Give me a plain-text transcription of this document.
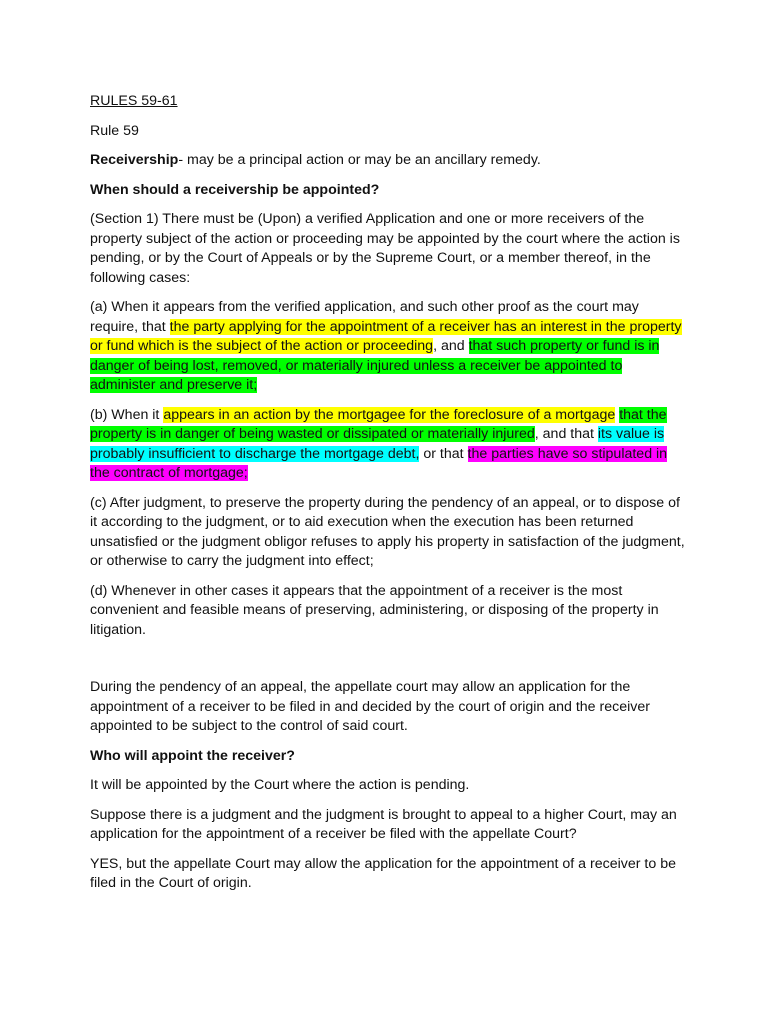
RULES 59-61

Rule 59

Receivership- may be a principal action or may be an ancillary remedy.

When should a receivership be appointed?

(Section 1) There must be (Upon) a verified Application and one or more receivers of the property subject of the action or proceeding may be appointed by the court where the action is pending, or by the Court of Appeals or by the Supreme Court, or a member thereof, in the following cases:

(a) When it appears from the verified application, and such other proof as the court may require, that the party applying for the appointment of a receiver has an interest in the property or fund which is the subject of the action or proceeding, and that such property or fund is in danger of being lost, removed, or materially injured unless a receiver be appointed to administer and preserve it;

(b) When it appears in an action by the mortgagee for the foreclosure of a mortgage that the property is in danger of being wasted or dissipated or materially injured, and that its value is probably insufficient to discharge the mortgage debt, or that the parties have so stipulated in the contract of mortgage;

(c) After judgment, to preserve the property during the pendency of an appeal, or to dispose of it according to the judgment, or to aid execution when the execution has been returned unsatisfied or the judgment obligor refuses to apply his property in satisfaction of the judgment, or otherwise to carry the judgment into effect;

(d) Whenever in other cases it appears that the appointment of a receiver is the most convenient and feasible means of preserving, administering, or disposing of the property in litigation.

During the pendency of an appeal, the appellate court may allow an application for the appointment of a receiver to be filed in and decided by the court of origin and the receiver appointed to be subject to the control of said court.

Who will appoint the receiver?

It will be appointed by the Court where the action is pending.

Suppose there is a judgment and the judgment is brought to appeal to a higher Court, may an application for the appointment of a receiver be filed with the appellate Court?

YES, but the appellate Court may allow the application for the appointment of a receiver to be filed in the Court of origin.
